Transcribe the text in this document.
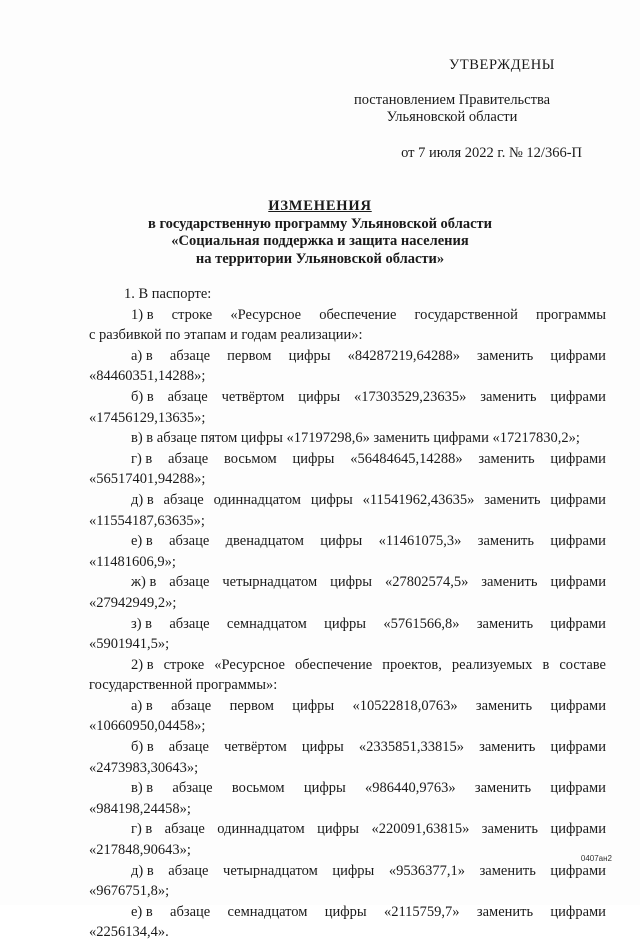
УТВЕРЖДЕНЫ
постановлением Правительства
Ульяновской области
от 7 июля 2022 г. № 12/366-П
ИЗМЕНЕНИЯ
в государственную программу Ульяновской области
«Социальная поддержка и защита населения
на территории Ульяновской области»
1. В паспорте:
1) в строке «Ресурсное обеспечение государственной программы
с разбивкой по этапам и годам реализации»:
а) в абзаце первом цифры «84287219,64288» заменить цифрами
«84460351,14288»;
б) в абзаце четвёртом цифры «17303529,23635» заменить цифрами
«17456129,13635»;
в) в абзаце пятом цифры «17197298,6» заменить цифрами «17217830,2»;
г) в абзаце восьмом цифры «56484645,14288» заменить цифрами
«56517401,94288»;
д) в абзаце одиннадцатом цифры «11541962,43635» заменить цифрами
«11554187,63635»;
е) в абзаце двенадцатом цифры «11461075,3» заменить цифрами
«11481606,9»;
ж) в абзаце четырнадцатом цифры «27802574,5» заменить цифрами
«27942949,2»;
з) в абзаце семнадцатом цифры «5761566,8» заменить цифрами
«5901941,5»;
2) в строке «Ресурсное обеспечение проектов, реализуемых в составе
государственной программы»:
а) в абзаце первом цифры «10522818,0763» заменить цифрами
«10660950,04458»;
б) в абзаце четвёртом цифры «2335851,33815» заменить цифрами
«2473983,30643»;
в) в абзаце восьмом цифры «986440,9763» заменить цифрами
«984198,24458»;
г) в абзаце одиннадцатом цифры «220091,63815» заменить цифрами
«217848,90643»;
д) в абзаце четырнадцатом цифры «9536377,1» заменить цифрами
«9676751,8»;
е) в абзаце семнадцатом цифры «2115759,7» заменить цифрами
«2256134,4».
0407ан2
